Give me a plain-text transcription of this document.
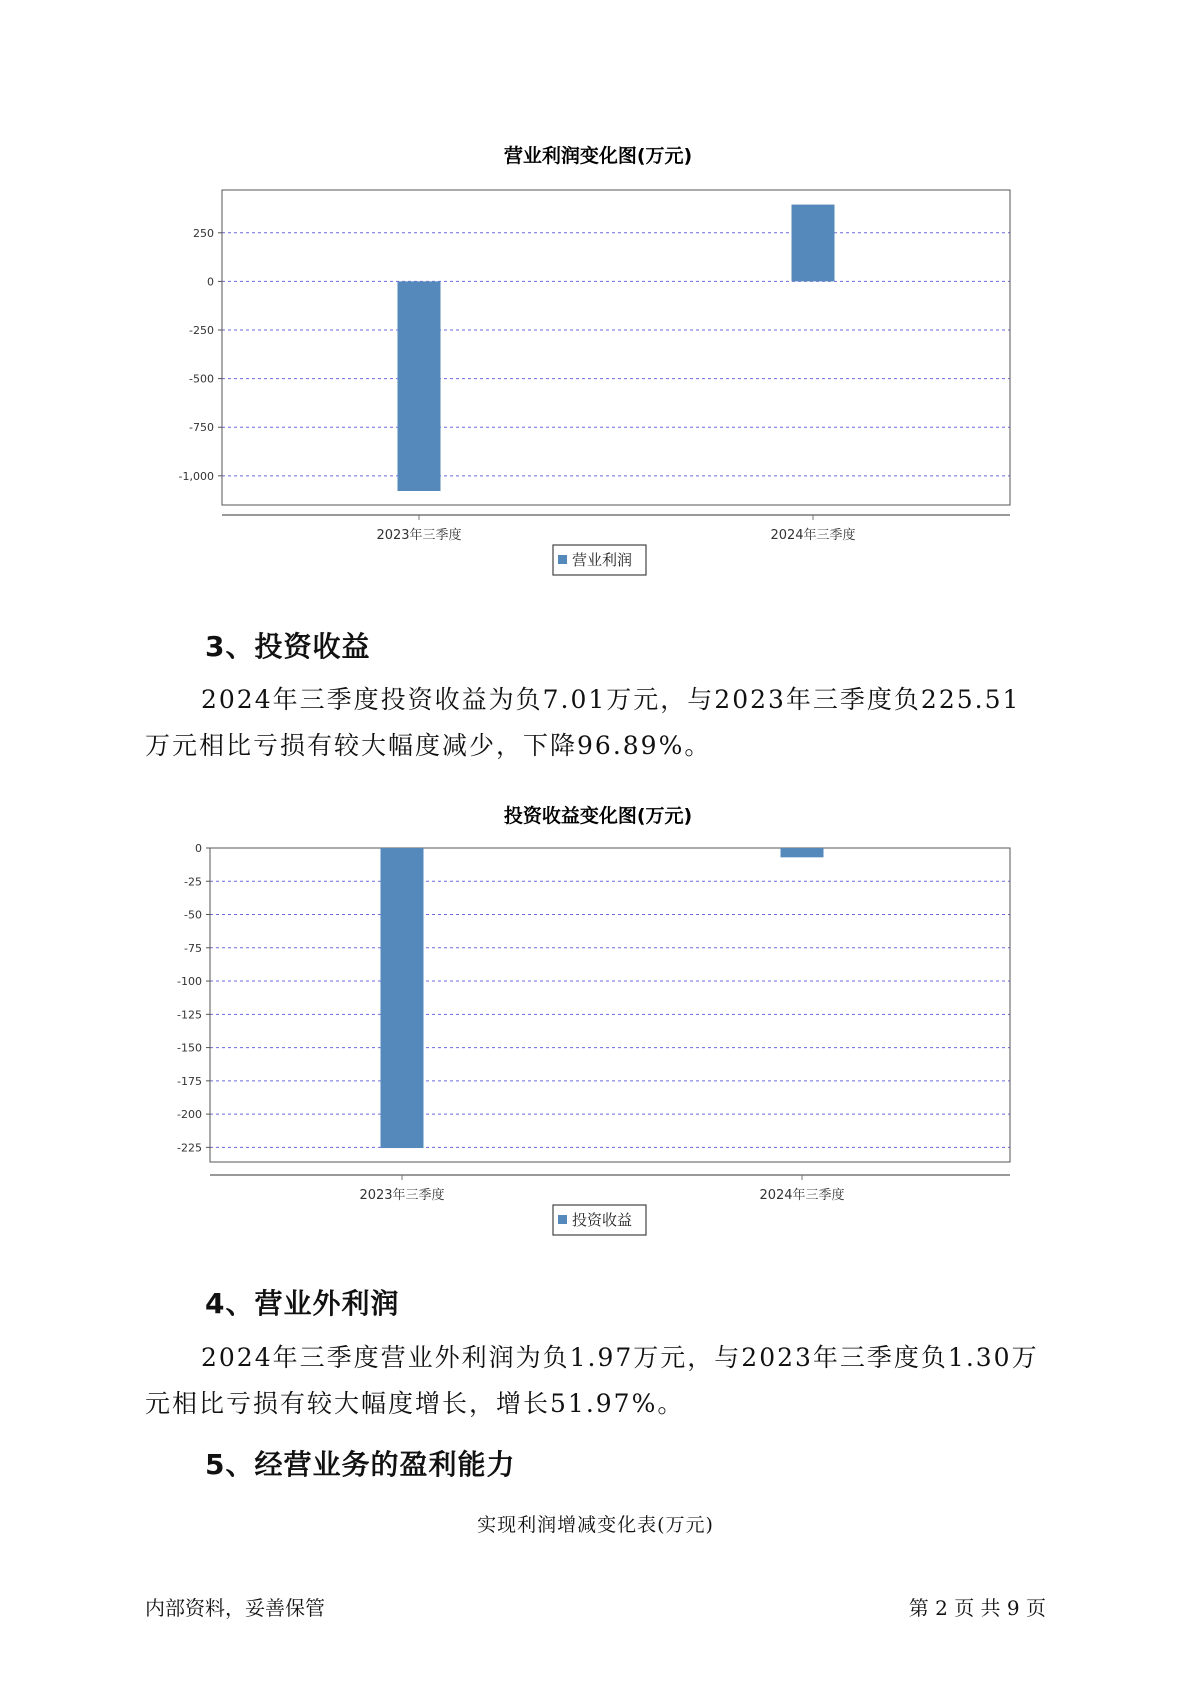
营业利润变化图(万元)
250
0
-250
-500
-750
-1,000
2023年三季度	2024年三季度
营业利润
3、投资收益
2024年三季度投资收益为负7.01万元，与2023年三季度负225.51万元相比亏损有较大幅度减少，下降96.89%。
投资收益变化图(万元)
0
-25
-50
-75
-100
-125
-150
-175
-200
-225
2023年三季度	2024年三季度
投资收益
4、营业外利润
2024年三季度营业外利润为负1.97万元，与2023年三季度负1.30万元相比亏损有较大幅度增长，增长51.97%。
5、经营业务的盈利能力
实现利润增减变化表(万元)
内部资料，妥善保管	第 2 页 共 9 页
